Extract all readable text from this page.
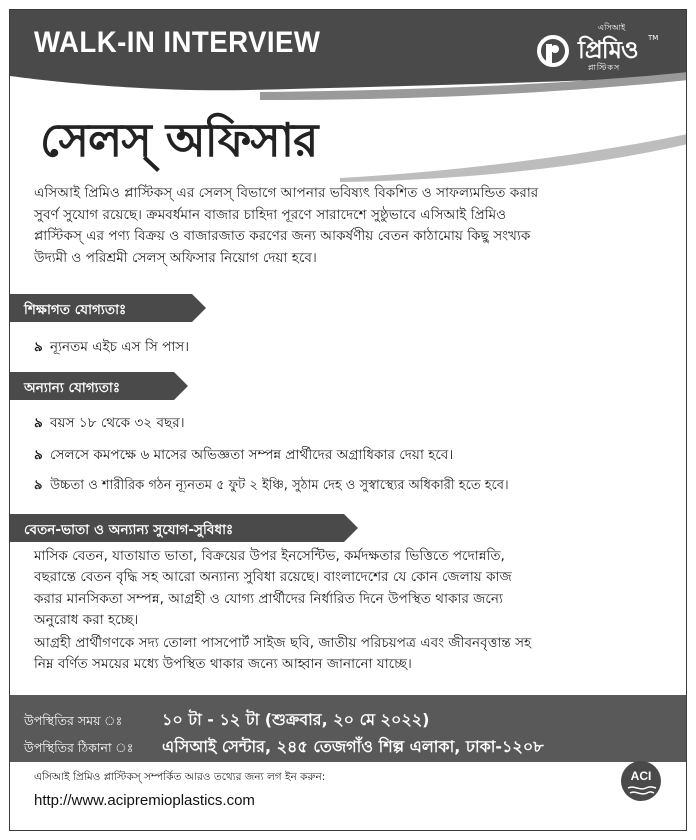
WALK-IN INTERVIEW	এসিআই
প্রিমিও TM
প্লাস্টিকস
সেলস্ অফিসার
এসিআই প্রিমিও প্লাস্টিকস্ এর সেলস্ বিভাগে আপনার ভবিষ্যৎ বিকশিত ও সাফল্যমন্ডিত করার
সুবর্ণ সুযোগ রয়েছে। ক্রমবর্ধমান বাজার চাহিদা পূরণে সারাদেশে সুষ্ঠুভাবে এসিআই প্রিমিও
প্লাস্টিকস্ এর পণ্য বিক্রয় ও বাজারজাত করণের জন্য আকর্ষণীয় বেতন কাঠামোয় কিছু সংখ্যক
উদ্যমী ও পরিশ্রমী সেলস্ অফিসার নিয়োগ দেয়া হবে।
শিক্ষাগত যোগ্যতাঃ
৯ ন্যূনতম এইচ এস সি পাস।
অন্যান্য যোগ্যতাঃ
৯ বয়স ১৮ থেকে ৩২ বছর।
৯ সেলসে কমপক্ষে ৬ মাসের অভিজ্ঞতা সম্পন্ন প্রার্থীদের অগ্রাধিকার দেয়া হবে।
৯ উচ্চতা ও শারীরিক গঠন ন্যূনতম ৫ ফুট ২ ইঞ্চি, সুঠাম দেহ ও সুস্বাস্থ্যের অধিকারী হতে হবে।
বেতন-ভাতা ও অন্যান্য সুযোগ-সুবিধাঃ
মাসিক বেতন, যাতায়াত ভাতা, বিক্রয়ের উপর ইনসেন্টিভ, কর্মদক্ষতার ভিত্তিতে পদোন্নতি,
বছরান্তে বেতন বৃদ্ধি সহ আরো অন্যান্য সুবিধা রয়েছে। বাংলাদেশের যে কোন জেলায় কাজ
করার মানসিকতা সম্পন্ন, আগ্রহী ও যোগ্য প্রার্থীদের নির্ধারিত দিনে উপস্থিত থাকার জন্যে
অনুরোধ করা হচ্ছে।
আগ্রহী প্রার্থীগণকে সদ্য তোলা পাসপোর্ট সাইজ ছবি, জাতীয় পরিচয়পত্র এবং জীবনবৃত্তান্ত সহ
নিম্ন বর্ণিত সময়ের মধ্যে উপস্থিত থাকার জন্যে আহ্বান জানানো যাচ্ছে।
উপস্থিতির সময় ঃ ১০ টা - ১২ টা (শুক্রবার, ২০ মে ২০২২)
উপস্থিতির ঠিকানা ঃ এসিআই সেন্টার, ২৪৫ তেজগাঁও শিল্প এলাকা, ঢাকা-১২০৮
এসিআই প্রিমিও প্লাস্টিকস্ সম্পর্কিত আরও তথ্যের জন্য লগ ইন করুন:
http://www.acipremioplastics.com
ACI
